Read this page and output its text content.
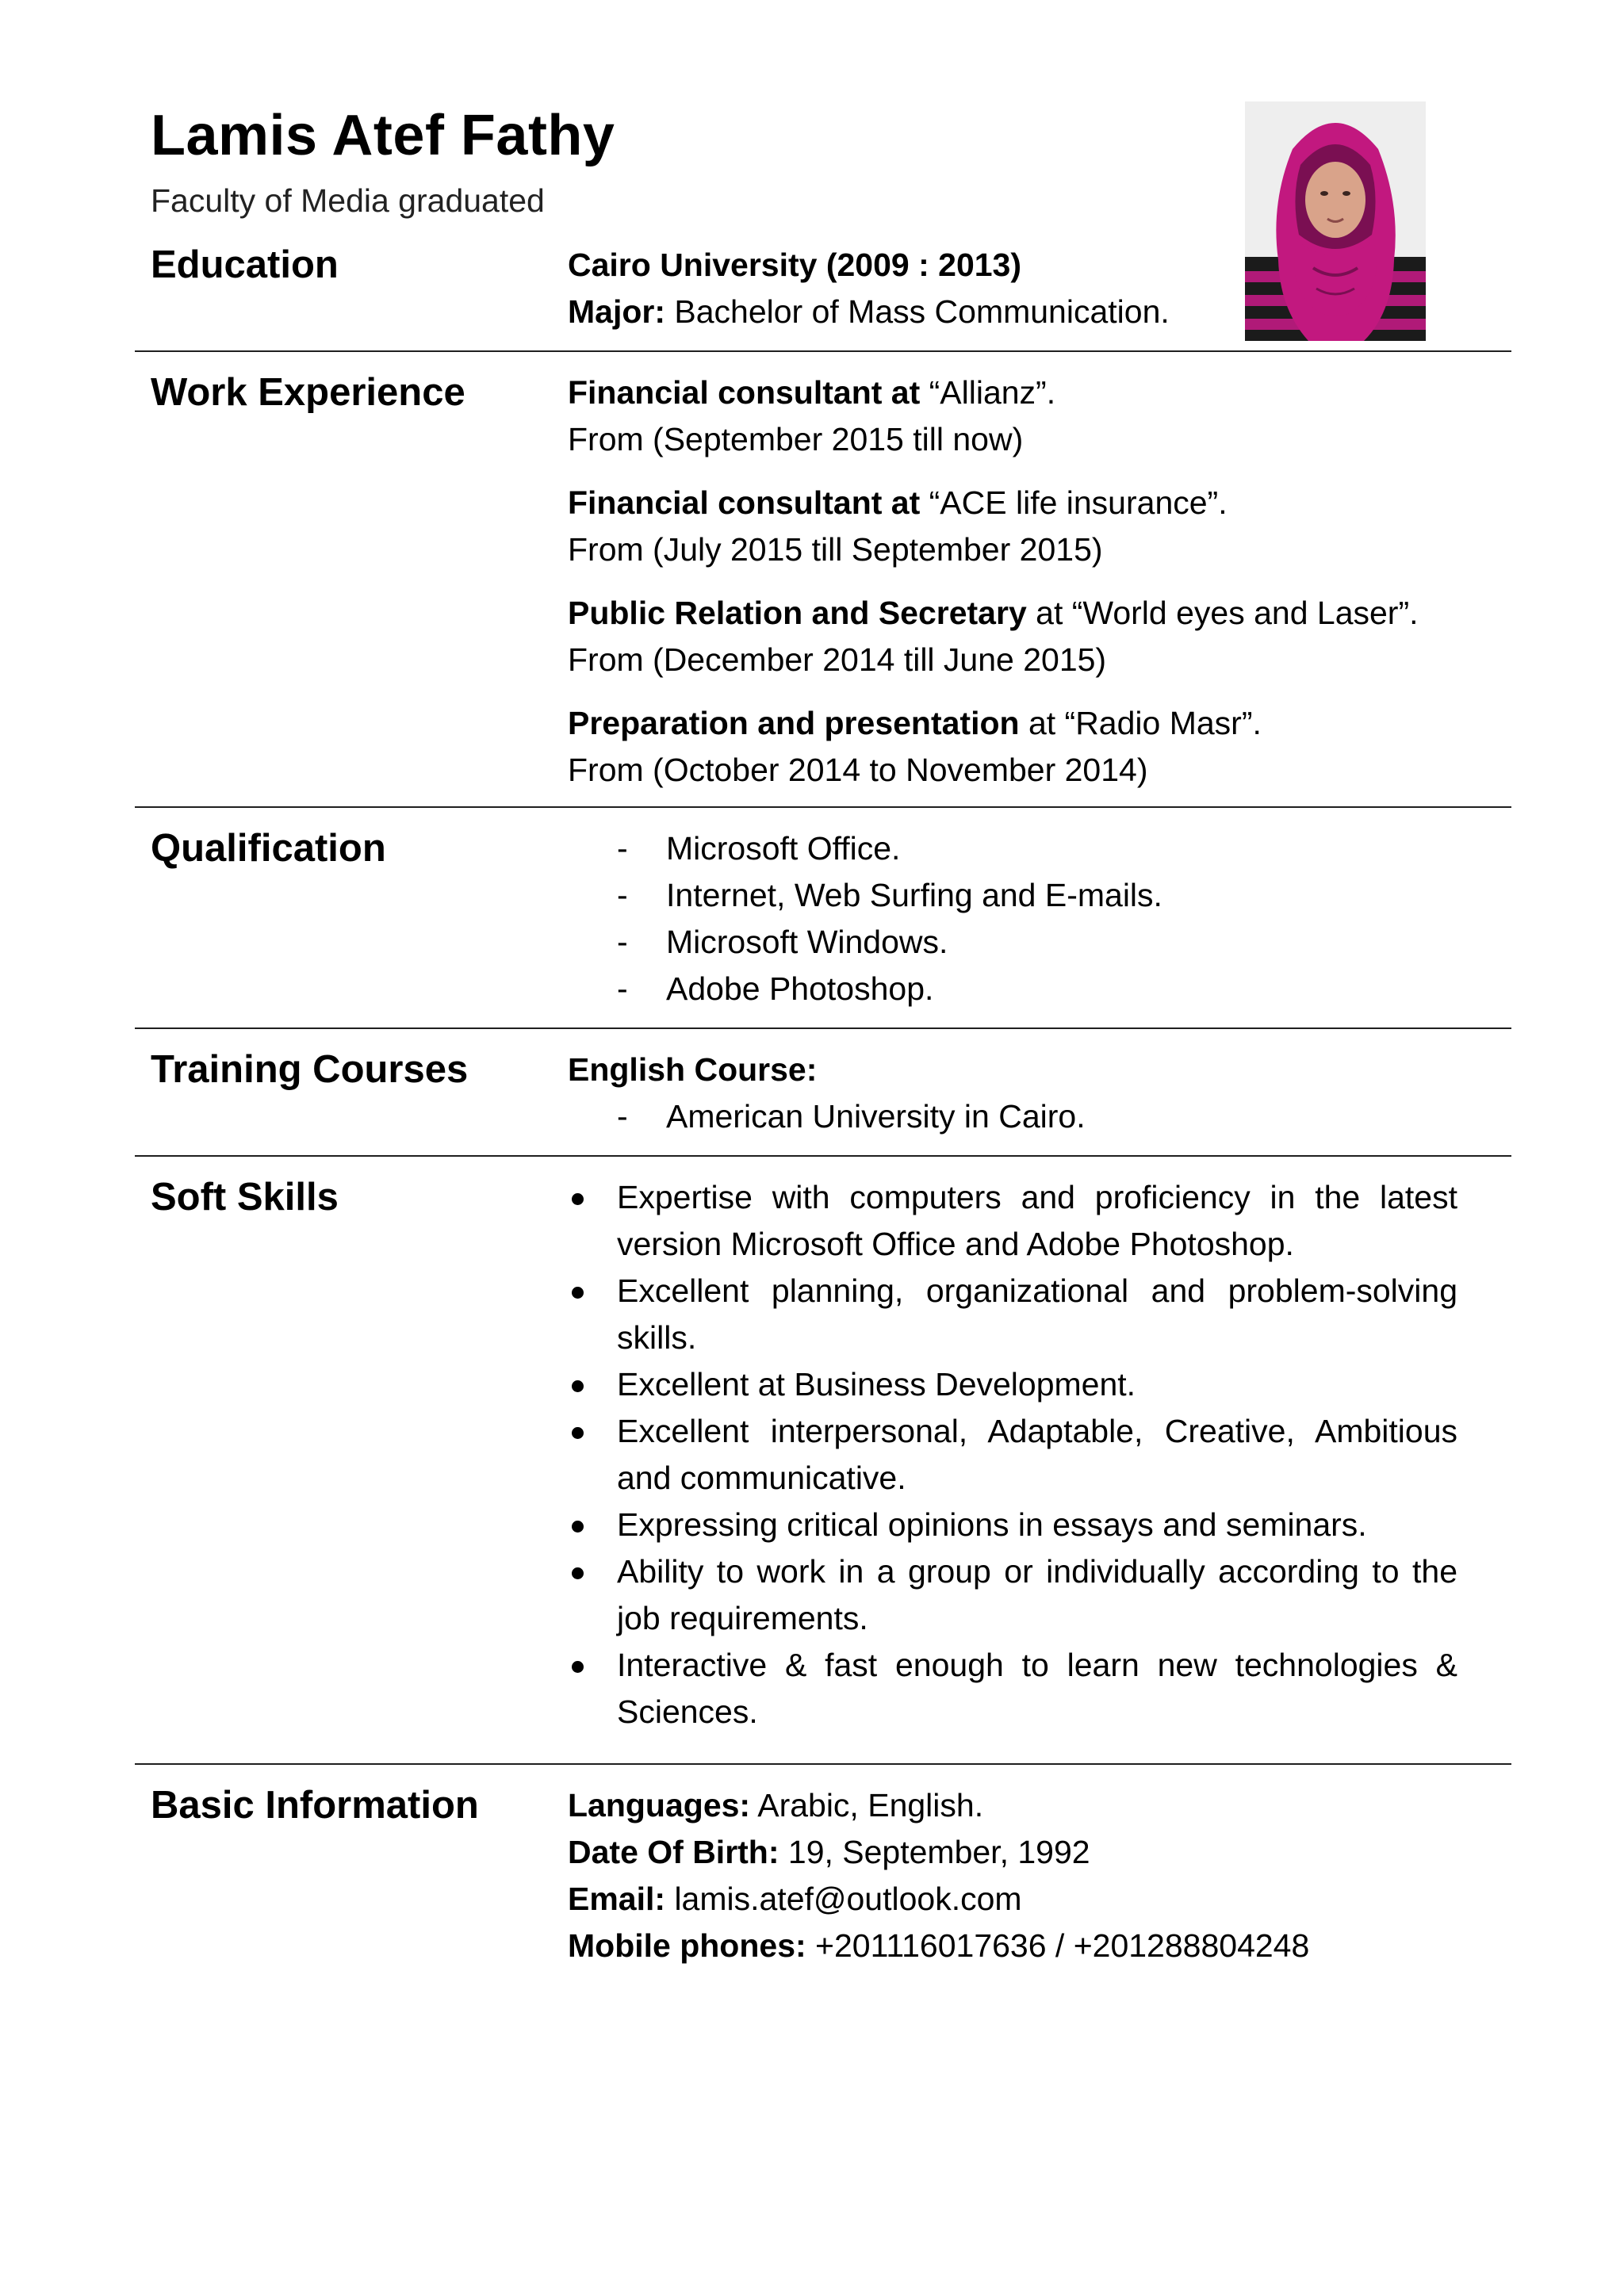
Lamis Atef Fathy
Faculty of Media graduated
Education	Cairo University (2009 : 2013)
Major: Bachelor of Mass Communication.
Work Experience	Financial consultant at “Allianz”.
From (September 2015 till now)
Financial consultant at “ACE life insurance”.
From (July 2015 till September 2015)
Public Relation and Secretary at “World eyes and Laser”.
From (December 2014 till June 2015)
Preparation and presentation at “Radio Masr”.
From (October 2014 to November 2014)
Qualification	- Microsoft Office.
- Internet, Web Surfing and E-mails.
- Microsoft Windows.
- Adobe Photoshop.
Training Courses	English Course:
- American University in Cairo.
Soft Skills	Expertise with computers and proficiency in the latest version Microsoft Office and Adobe Photoshop.
Excellent planning, organizational and problem-solving skills.
Excellent at Business Development.
Excellent interpersonal, Adaptable, Creative, Ambitious and communicative.
Expressing critical opinions in essays and seminars.
Ability to work in a group or individually according to the job requirements.
Interactive & fast enough to learn new technologies & Sciences.
Basic Information	Languages: Arabic, English.
Date Of Birth: 19, September, 1992
Email: lamis.atef@outlook.com
Mobile phones: +201116017636 / +201288804248
